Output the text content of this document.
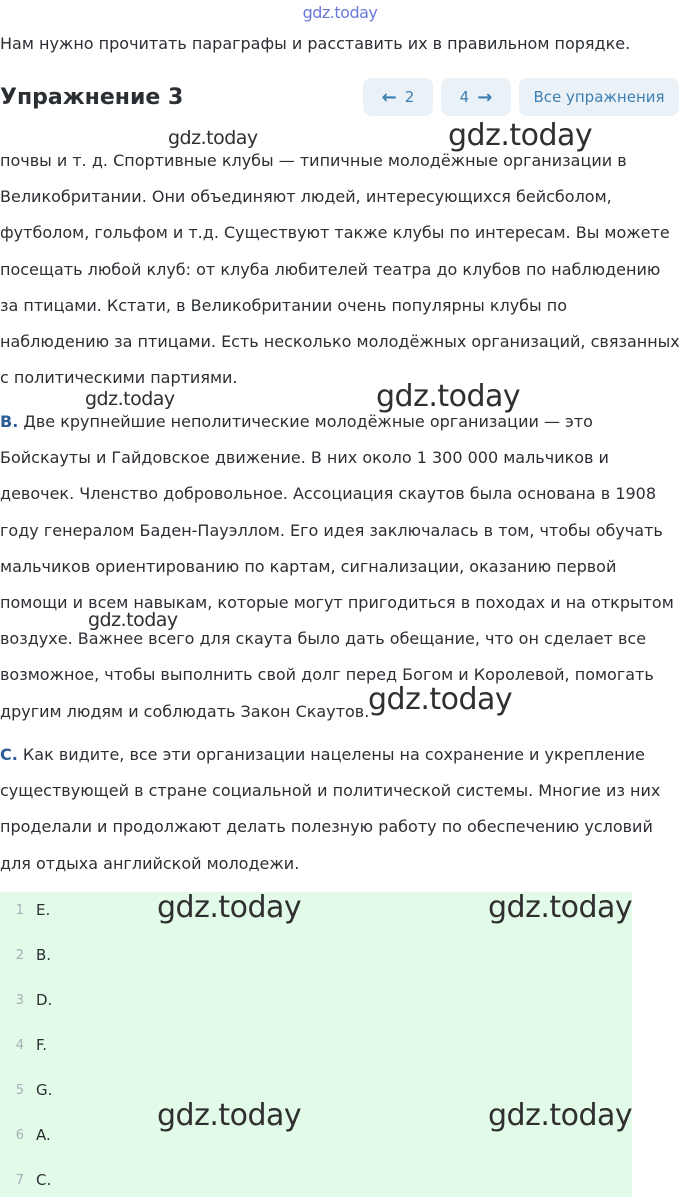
gdz.today
Нам нужно прочитать параграфы и расставить их в правильном порядке.
Упражнение 3	← 2	4 →	Все упражнения

почвы и т. д. Спортивные клубы — типичные молодёжные организации в Великобритании. Они объединяют людей, интересующихся бейсболом, футболом, гольфом и т.д. Существуют также клубы по интересам. Вы можете посещать любой клуб: от клуба любителей театра до клубов по наблюдению за птицами. Кстати, в Великобритании очень популярны клубы по наблюдению за птицами. Есть несколько молодёжных организаций, связанных с политическими партиями.

B. Две крупнейшие неполитические молодёжные организации — это Бойскауты и Гайдовское движение. В них около 1 300 000 мальчиков и девочек. Членство добровольное. Ассоциация скаутов была основана в 1908 году генералом Баден-Пауэллом. Его идея заключалась в том, чтобы обучать мальчиков ориентированию по картам, сигнализации, оказанию первой помощи и всем навыкам, которые могут пригодиться в походах и на открытом воздухе. Важнее всего для скаута было дать обещание, что он сделает все возможное, чтобы выполнить свой долг перед Богом и Королевой, помогать другим людям и соблюдать Закон Скаутов.

C. Как видите, все эти организации нацелены на сохранение и укрепление существующей в стране социальной и политической системы. Многие из них проделали и продолжают делать полезную работу по обеспечению условий для отдыха английской молодежи.

1 E.
2 B.
3 D.
4 F.
5 G.
6 A.
7 C.
gdz.today	gdz.today
gdz.today
gdz.today
gdz.today
gdz.today
gdz.today	gdz.today
gdz.today	gdz.today
